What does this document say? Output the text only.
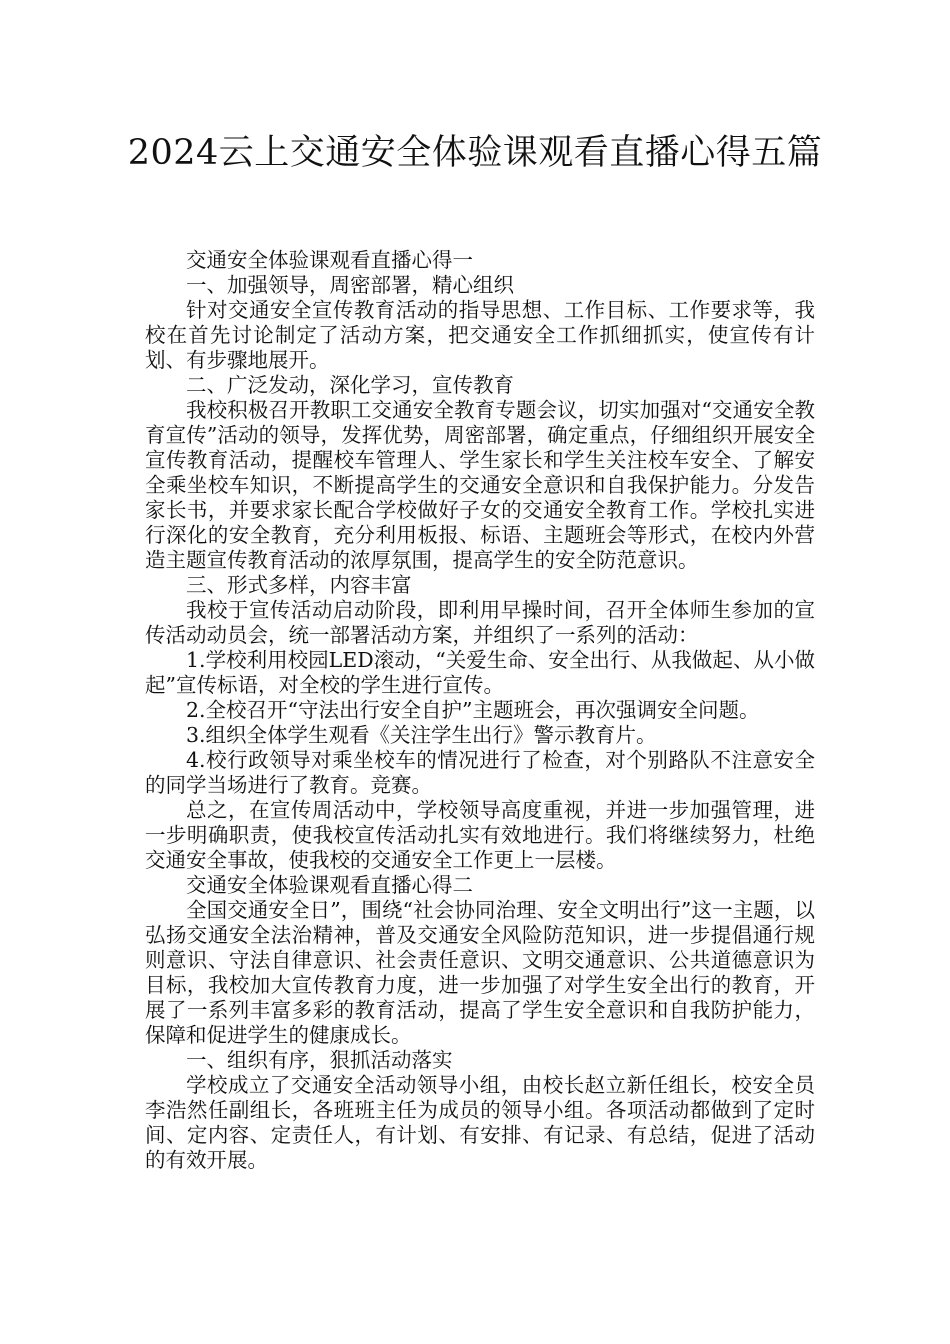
2024云上交通安全体验课观看直播心得五篇

交通安全体验课观看直播心得一

一、加强领导，周密部署，精心组织

针对交通安全宣传教育活动的指导思想、工作目标、工作要求等，我校在首先讨论制定了活动方案，把交通安全工作抓细抓实，使宣传有计划、有步骤地展开。

二、广泛发动，深化学习，宣传教育

我校积极召开教职工交通安全教育专题会议，切实加强对“交通安全教育宣传”活动的领导，发挥优势，周密部署，确定重点，仔细组织开展安全宣传教育活动，提醒校车管理人、学生家长和学生关注校车安全、了解安全乘坐校车知识，不断提高学生的交通安全意识和自我保护能力。分发告家长书，并要求家长配合学校做好子女的交通安全教育工作。学校扎实进行深化的安全教育，充分利用板报、标语、主题班会等形式，在校内外营造主题宣传教育活动的浓厚氛围，提高学生的安全防范意识。

三、形式多样，内容丰富

我校于宣传活动启动阶段，即利用早操时间，召开全体师生参加的宣传活动动员会，统一部署活动方案，并组织了一系列的活动：

1.学校利用校园LED滚动，“关爱生命、安全出行、从我做起、从小做起”宣传标语，对全校的学生进行宣传。

2.全校召开“守法出行安全自护”主题班会，再次强调安全问题。

3.组织全体学生观看《关注学生出行》警示教育片。

4.校行政领导对乘坐校车的情况进行了检查，对个别路队不注意安全的同学当场进行了教育。竞赛。

总之，在宣传周活动中，学校领导高度重视，并进一步加强管理，进一步明确职责，使我校宣传活动扎实有效地进行。我们将继续努力，杜绝交通安全事故，使我校的交通安全工作更上一层楼。

交通安全体验课观看直播心得二

全国交通安全日”，围绕“社会协同治理、安全文明出行”这一主题，以弘扬交通安全法治精神，普及交通安全风险防范知识，进一步提倡通行规则意识、守法自律意识、社会责任意识、文明交通意识、公共道德意识为目标，我校加大宣传教育力度，进一步加强了对学生安全出行的教育，开展了一系列丰富多彩的教育活动，提高了学生安全意识和自我防护能力，保障和促进学生的健康成长。

一、组织有序，狠抓活动落实

学校成立了交通安全活动领导小组，由校长赵立新任组长，校安全员李浩然任副组长，各班班主任为成员的领导小组。各项活动都做到了定时间、定内容、定责任人，有计划、有安排、有记录、有总结，促进了活动的有效开展。
